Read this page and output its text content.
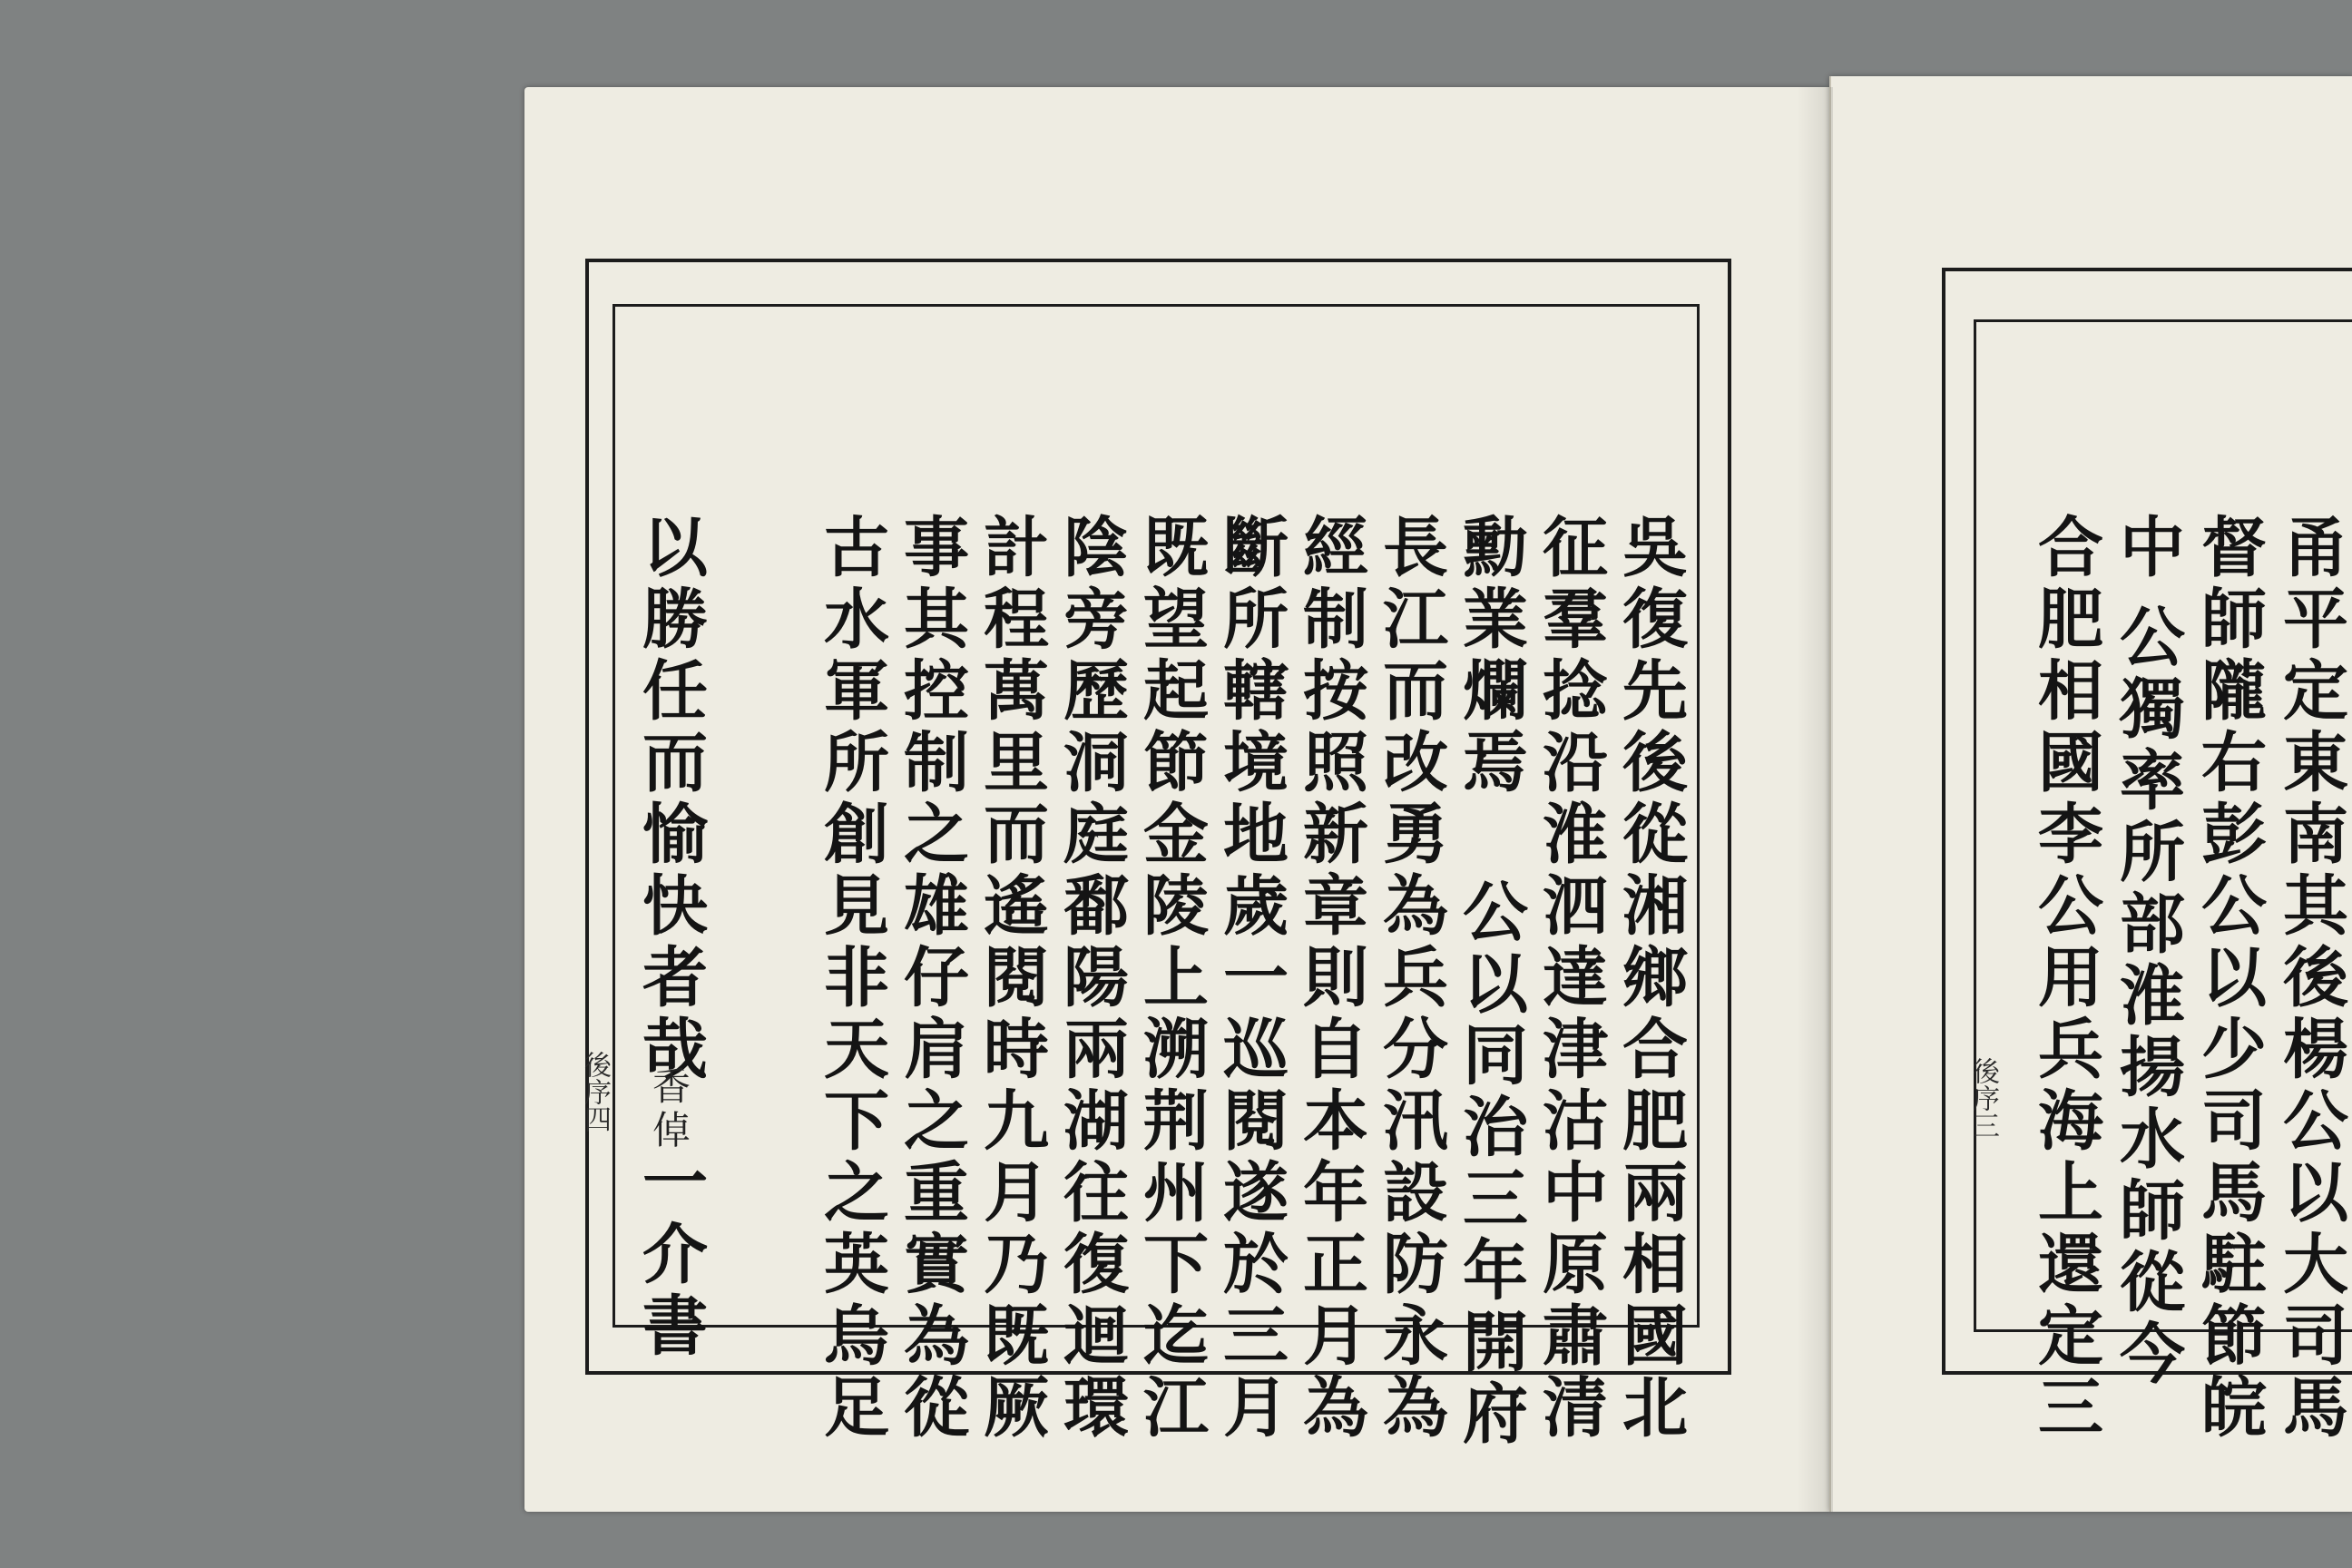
後序四	吳復先後從湘鄉合肥兩相國北
征羣捻沿淮泗達津沽中原肅清
勳業爛焉公以同治三年開府
長江而改勇為兵分汛設防永為
經制按照新章則自本年正月為
斷所轄境地歲一巡閱遂於三月
既望起節金陵上溯荆州下迄江
陰旁歷洞庭鄱陽兩湖往復迴環
計程萬里而遙閱時九月乃既厥
事其控制之雄仔肩之重實為從
古水軍所創見非天下之英烏足
以勝任而愉快者哉
香倬
一介書
後序三	甬平定東南其後楊公以大司馬
督師隴右彭公以少司馬駐節皖
中公獨率所部淮揚水師從今
合肥相國李公用兵海上還定三
